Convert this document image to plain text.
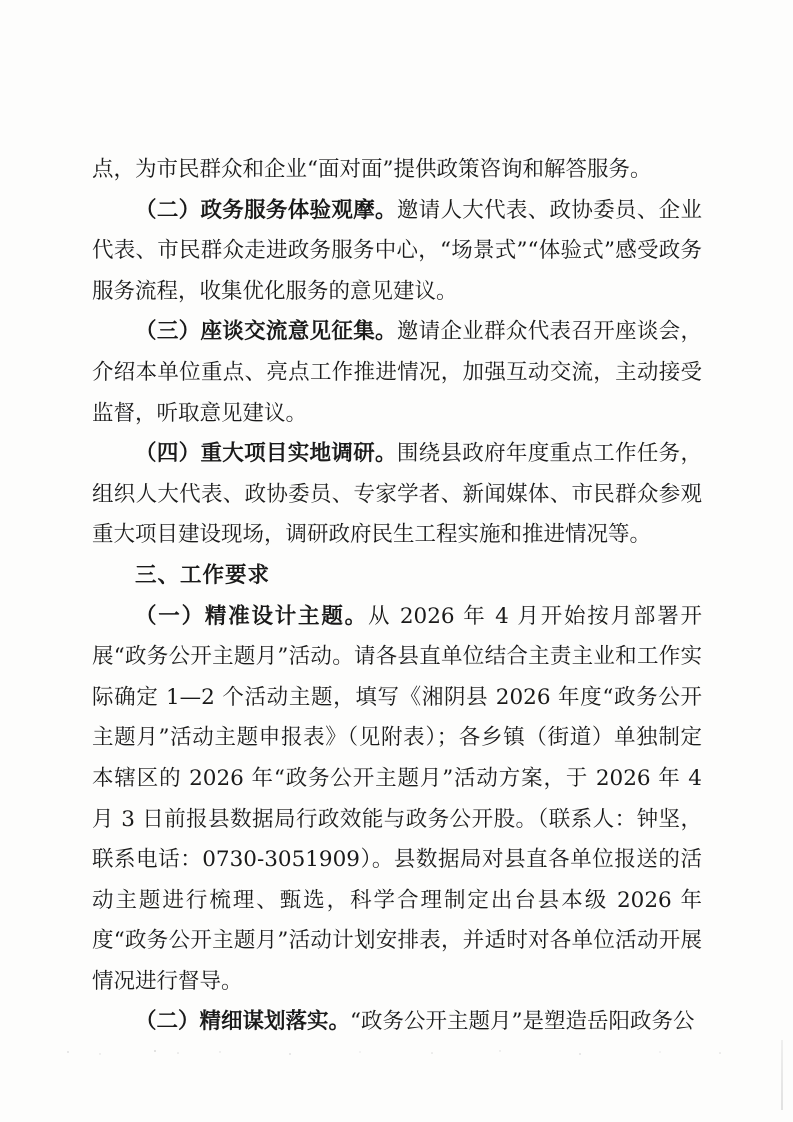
点，为市民群众和企业“面对面”提供政策咨询和解答服务。

（二）政务服务体验观摩。邀请人大代表、政协委员、企业代表、市民群众走进政务服务中心，“场景式”“体验式”感受政务服务流程，收集优化服务的意见建议。

（三）座谈交流意见征集。邀请企业群众代表召开座谈会，介绍本单位重点、亮点工作推进情况，加强互动交流，主动接受监督，听取意见建议。

（四）重大项目实地调研。围绕县政府年度重点工作任务，组织人大代表、政协委员、专家学者、新闻媒体、市民群众参观重大项目建设现场，调研政府民生工程实施和推进情况等。

三、工作要求

（一）精准设计主题。从 2026 年 4 月开始按月部署开展“政务公开主题月”活动。请各县直单位结合主责主业和工作实际确定 1—2 个活动主题，填写《湘阴县 2026 年度“政务公开主题月”活动主题申报表》（见附表）；各乡镇（街道）单独制定本辖区的 2026 年“政务公开主题月”活动方案，于 2026 年 4 月 3 日前报县数据局行政效能与政务公开股。（联系人：钟坚，联系电话：0730-3051909）。县数据局对县直各单位报送的活动主题进行梳理、甄选，科学合理制定出台县本级 2026 年度“政务公开主题月”活动计划安排表，并适时对各单位活动开展情况进行督导。

（二）精细谋划落实。“政务公开主题月”是塑造岳阳政务公
